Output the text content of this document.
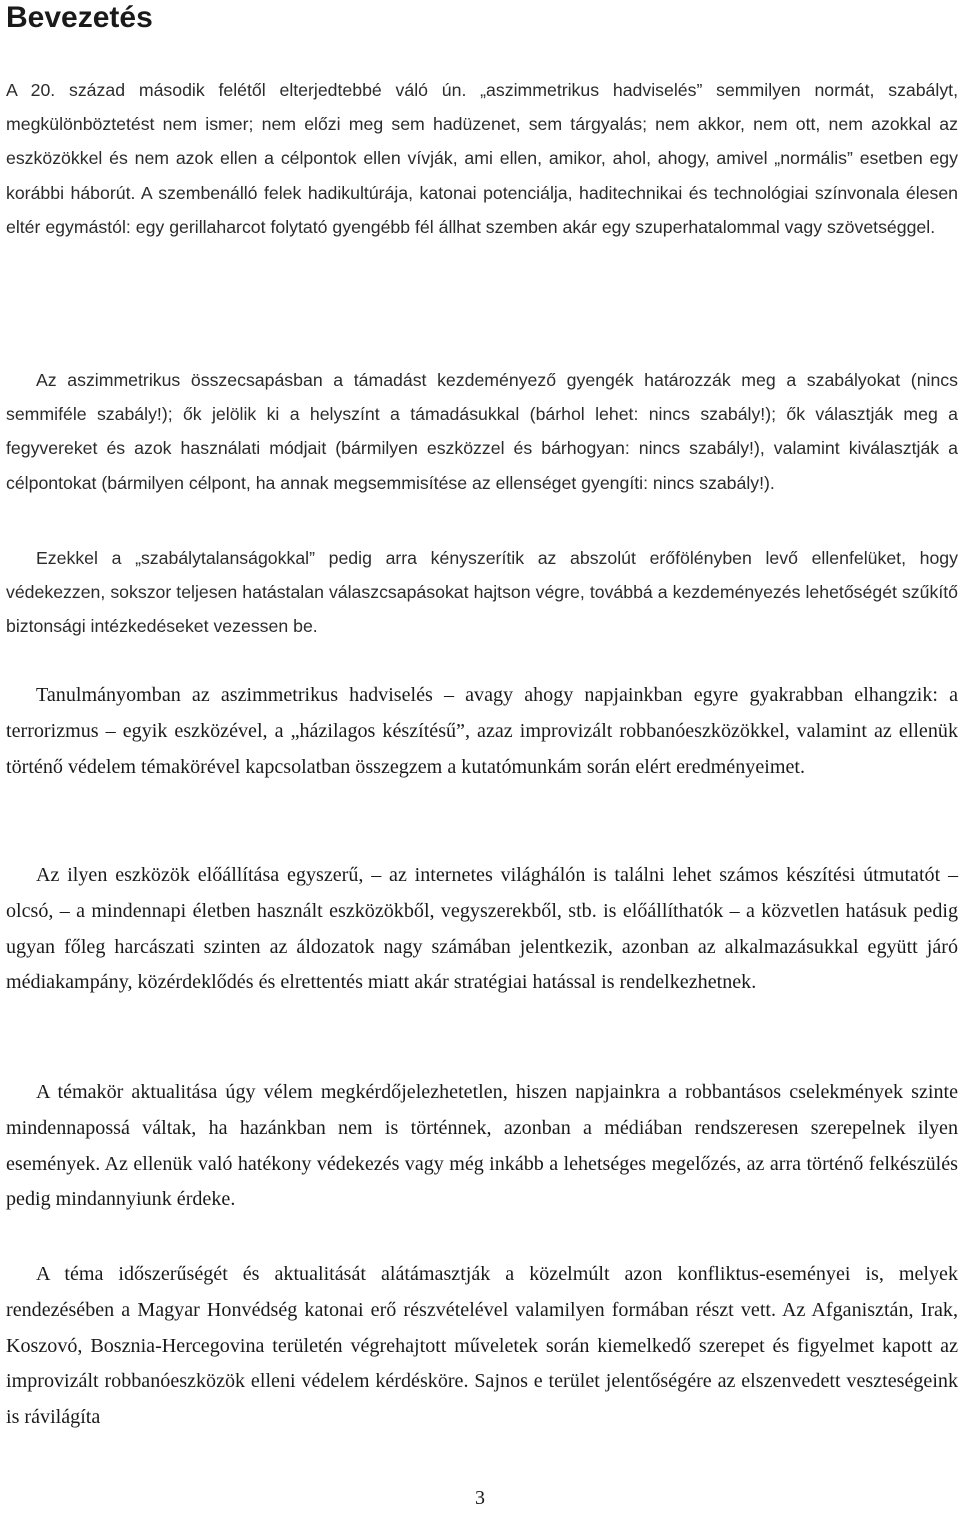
Bevezetés

A 20. század második felétől elterjedtebbé váló ún. „aszimmetrikus hadviselés” semmilyen normát, szabályt, megkülönböztetést nem ismer; nem előzi meg sem hadüzenet, sem tárgyalás; nem akkor, nem ott, nem azokkal az eszközökkel és nem azok ellen a célpontok ellen vívják, ami ellen, amikor, ahol, ahogy, amivel „normális” esetben egy korábbi háborút. A szembenálló felek hadikultúrája, katonai potenciálja, haditechnikai és technológiai színvonala élesen eltér egymástól: egy gerillaharcot folytató gyengébb fél állhat szemben akár egy szuperhatalommal vagy szövetséggel.

Az aszimmetrikus összecsapásban a támadást kezdeményező gyengék határozzák meg a szabályokat (nincs semmiféle szabály!); ők jelölik ki a helyszínt a támadásukkal (bárhol lehet: nincs szabály!); ők választják meg a fegyvereket és azok használati módjait (bármilyen eszközzel és bárhogyan: nincs szabály!), valamint kiválasztják a célpontokat (bármilyen célpont, ha annak megsemmisítése az ellenséget gyengíti: nincs szabály!).

Ezekkel a „szabálytalanságokkal” pedig arra kényszerítik az abszolút erőfölényben levő ellenfelüket, hogy védekezzen, sokszor teljesen hatástalan válaszcsapásokat hajtson végre, továbbá a kezdeményezés lehetőségét szűkítő biztonsági intézkedéseket vezessen be.

Tanulmányomban az aszimmetrikus hadviselés – avagy ahogy napjainkban egyre gyakrabban elhangzik: a terrorizmus – egyik eszközével, a „házilagos készítésű”, azaz improvizált robbanóeszközökkel, valamint az ellenük történő védelem témakörével kapcsolatban összegzem a kutatómunkám során elért eredményeimet.

Az ilyen eszközök előállítása egyszerű, – az internetes világhálón is találni lehet számos készítési útmutatót – olcsó, – a mindennapi életben használt eszközökből, vegyszerekből, stb. is előállíthatók – a közvetlen hatásuk pedig ugyan főleg harcászati szinten az áldozatok nagy számában jelentkezik, azonban az alkalmazásukkal együtt járó médiakampány, közérdeklődés és elrettentés miatt akár stratégiai hatással is rendelkezhetnek.

A témakör aktualitása úgy vélem megkérdőjelezhetetlen, hiszen napjainkra a robbantásos cselekmények szinte mindennapossá váltak, ha hazánkban nem is történnek, azonban a médiában rendszeresen szerepelnek ilyen események. Az ellenük való hatékony védekezés vagy még inkább a lehetséges megelőzés, az arra történő felkészülés pedig mindannyiunk érdeke.

A téma időszerűségét és aktualitását alátámasztják a közelmúlt azon konfliktus-eseményei is, melyek rendezésében a Magyar Honvédség katonai erő részvételével valamilyen formában részt vett. Az Afganisztán, Irak, Koszovó, Bosznia-Hercegovina területén végrehajtott műveletek során kiemelkedő szerepet és figyelmet kapott az improvizált robbanóeszközök elleni védelem kérdésköre. Sajnos e terület jelentőségére az elszenvedett veszteségeink is rávilágíta

3
